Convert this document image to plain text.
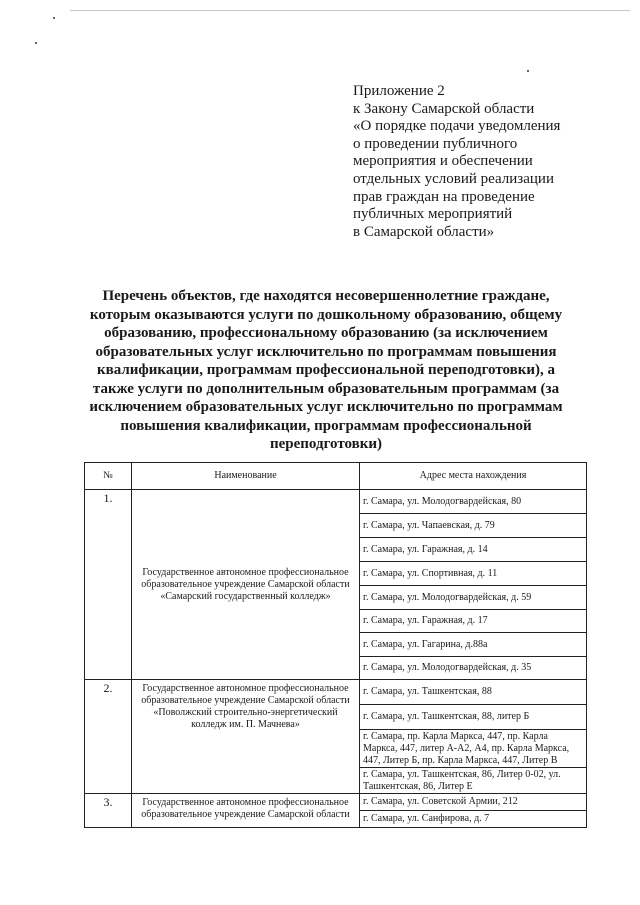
Приложение 2
к Закону Самарской области
«О порядке подачи уведомления
о проведении публичного
мероприятия и обеспечении
отдельных условий реализации
прав граждан на проведение
публичных мероприятий
в Самарской области»
Перечень объектов, где находятся несовершеннолетние граждане,
которым оказываются услуги по дошкольному образованию, общему
образованию, профессиональному образованию (за исключением
образовательных услуг исключительно по программам повышения
квалификации, программам профессиональной переподготовки), а
также услуги по дополнительным образовательным программам (за
исключением образовательных услуг исключительно по программам
повышения квалификации, программам профессиональной
переподготовки)
№	Наименование	Адрес места нахождения
1.	Государственное автономное профессиональное образовательное учреждение Самарской области «Самарский государственный колледж»	г. Самара, ул. Молодогвардейская, 80
		г. Самара, ул. Чапаевская, д. 79
		г. Самара, ул. Гаражная, д. 14
		г. Самара, ул. Спортивная, д. 11
		г. Самара, ул. Молодогвардейская, д. 59
		г. Самара, ул. Гаражная, д. 17
		г. Самара, ул. Гагарина, д.88а
		г. Самара, ул. Молодогвардейская, д. 35
2.	Государственное автономное профессиональное образовательное учреждение Самарской области «Поволжский строительно-энергетический колледж им. П. Мачнева»	г. Самара, ул. Ташкентская, 88
		г. Самара, ул. Ташкентская, 88, литер Б
		г. Самара, пр. Карла Маркса, 447, пр. Карла Маркса, 447, литер А-А2, А4, пр. Карла Маркса, 447, Литер Б, пр. Карла Маркса, 447, Литер В
		г. Самара, ул. Ташкентская, 86, Литер 0-02, ул. Ташкентская, 86, Литер Е
3.	Государственное автономное профессиональное образовательное учреждение Самарской области	г. Самара, ул. Советской Армии, 212
		г. Самара, ул. Санфирова, д. 7
